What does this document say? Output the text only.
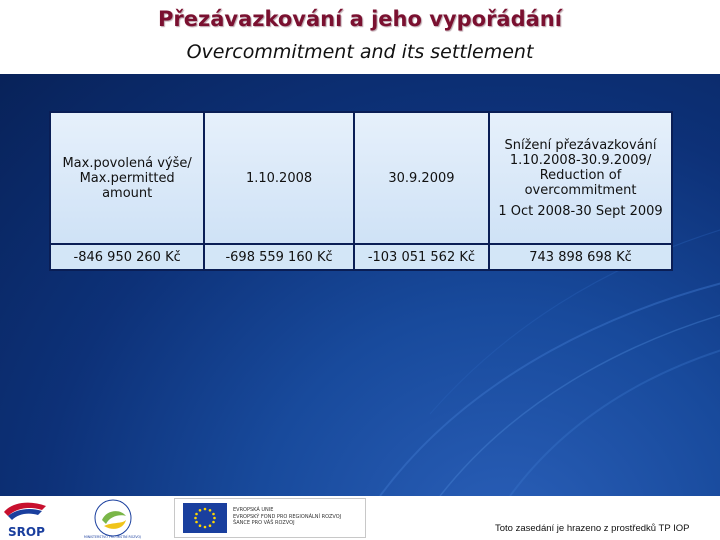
Přezávazkování a jeho vypořádání
Overcommitment and its settlement
Max.povolená výše/ Max.permitted amount	1.10.2008	30.9.2009	Snížení přezávazkování 1.10.2008-30.9.2009/ Reduction of overcommitment
1 Oct 2008-30 Sept 2009

-846 950 260 Kč	-698 559 160 Kč	-103 051 562 Kč	743 898 698 Kč
SROP	MINISTERSTVO PRO MÍSTNÍ ROZVOJ
EVROPSKÁ UNIE
EVROPSKÝ FOND PRO REGIONÁLNÍ ROZVOJ
ŠANCE PRO VÁŠ ROZVOJ	Toto zasedání je hrazeno z prostředků TP IOP
